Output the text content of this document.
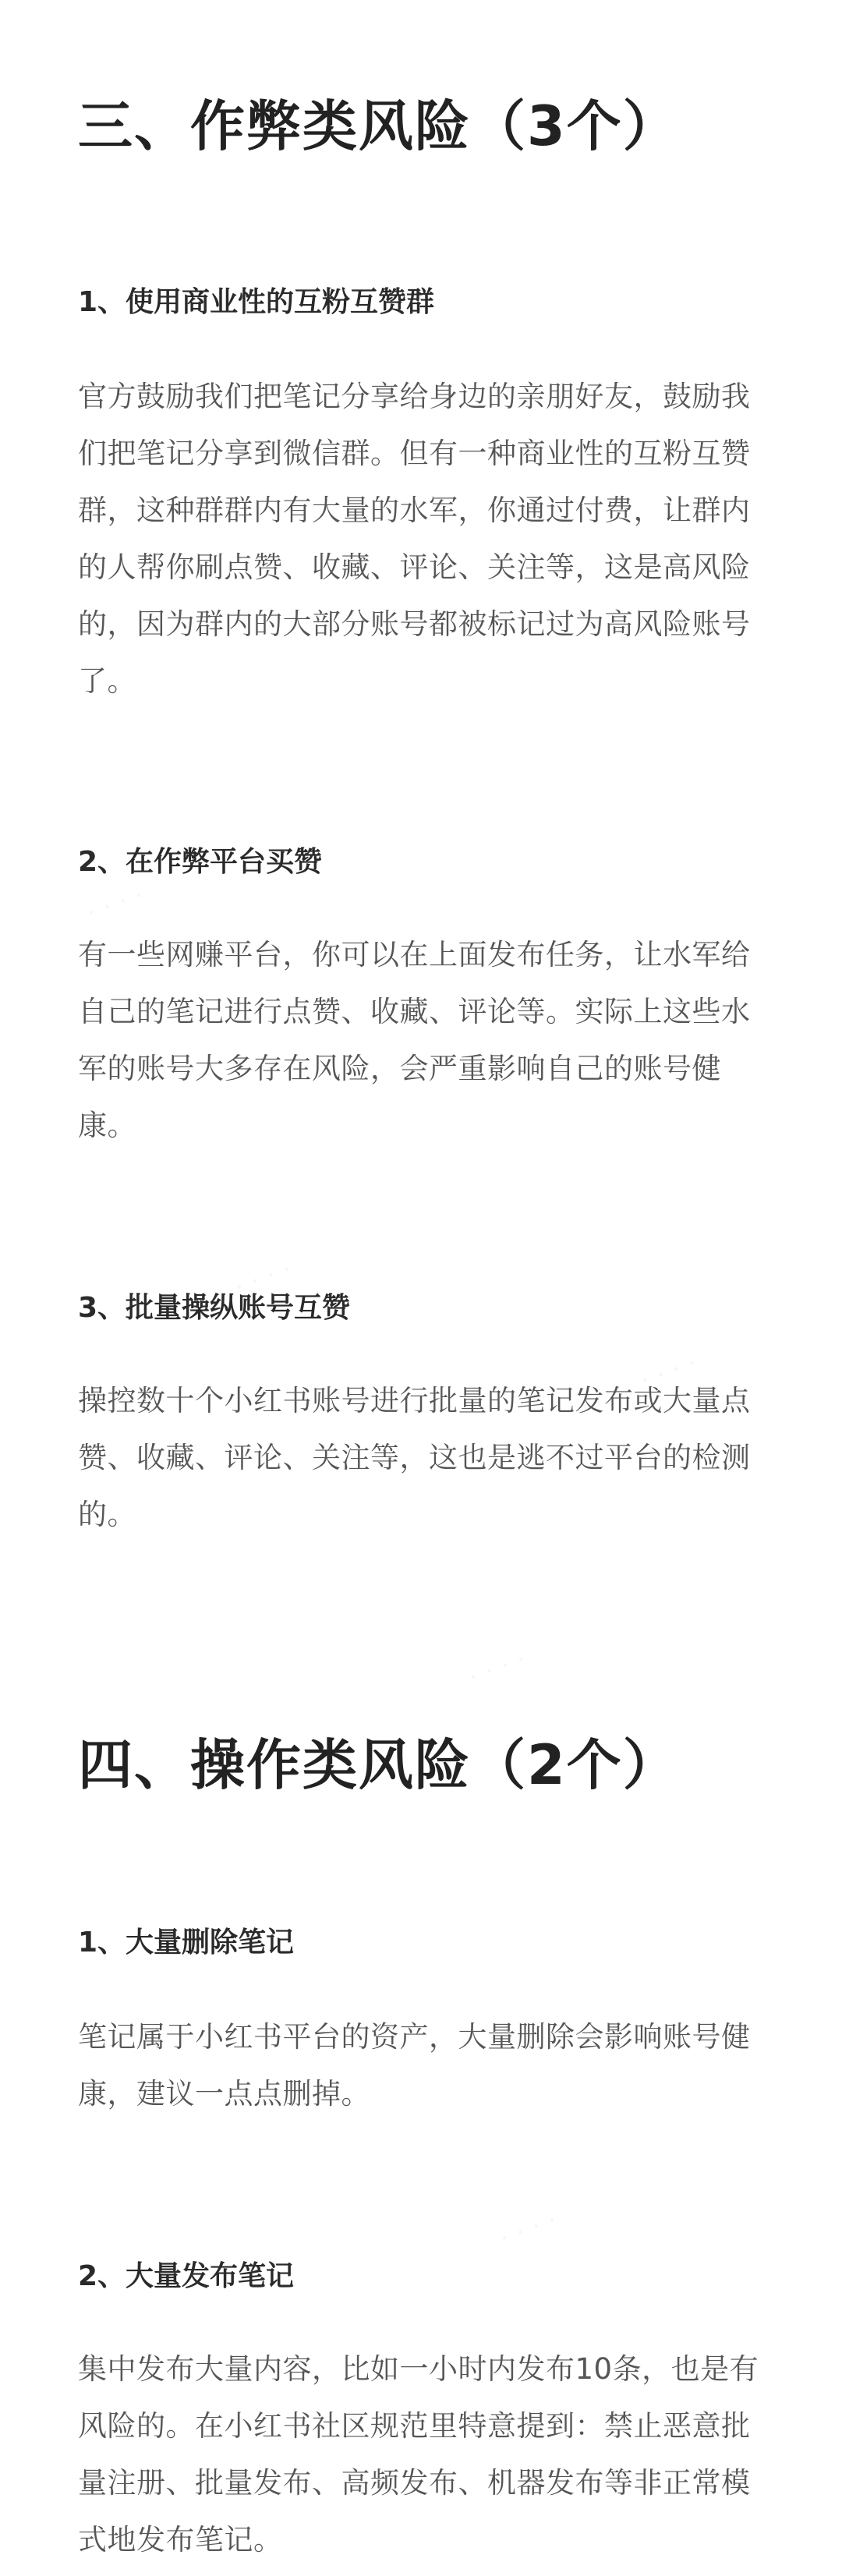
三、作弊类风险（3个）
1、使用商业性的互粉互赞群
官方鼓励我们把笔记分享给身边的亲朋好友，鼓励我们把笔记分享到微信群。但有一种商业性的互粉互赞群，这种群群内有大量的水军，你通过付费，让群内的人帮你刷点赞、收藏、评论、关注等，这是高风险的，因为群内的大部分账号都被标记过为高风险账号了。
2、在作弊平台买赞
有一些网赚平台，你可以在上面发布任务，让水军给自己的笔记进行点赞、收藏、评论等。实际上这些水军的账号大多存在风险，会严重影响自己的账号健康。
3、批量操纵账号互赞
操控数十个小红书账号进行批量的笔记发布或大量点赞、收藏、评论、关注等，这也是逃不过平台的检测的。
四、操作类风险（2个）
1、大量删除笔记
笔记属于小红书平台的资产，大量删除会影响账号健康，建议一点点删掉。
2、大量发布笔记
集中发布大量内容，比如一小时内发布10条，也是有风险的。在小红书社区规范里特意提到：禁止恶意批量注册、批量发布、高频发布、机器发布等非正常模式地发布笔记。
